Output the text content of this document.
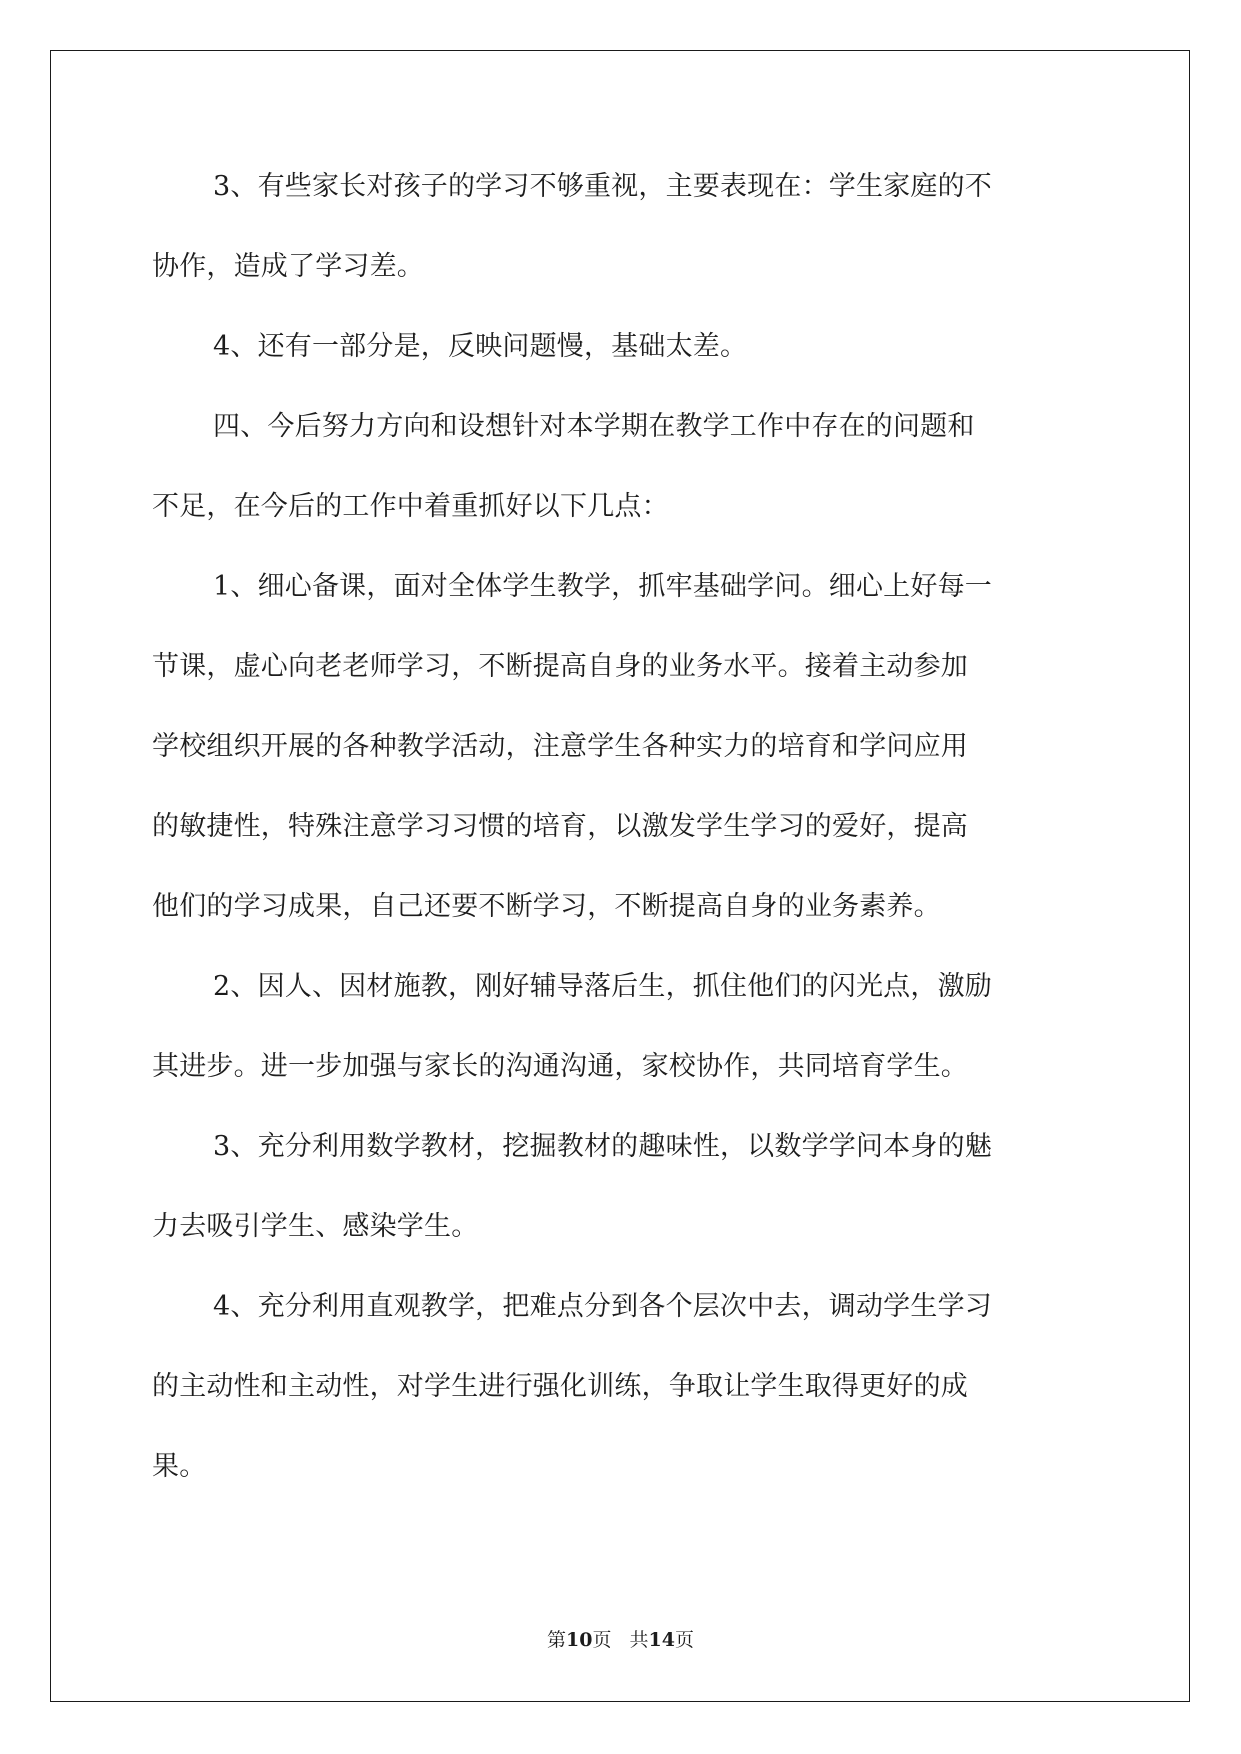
3、有些家长对孩子的学习不够重视，主要表现在：学生家庭的不
协作，造成了学习差。
4、还有一部分是，反映问题慢，基础太差。
四、今后努力方向和设想针对本学期在教学工作中存在的问题和
不足，在今后的工作中着重抓好以下几点：
1、细心备课，面对全体学生教学，抓牢基础学问。细心上好每一
节课，虚心向老老师学习，不断提高自身的业务水平。接着主动参加
学校组织开展的各种教学活动，注意学生各种实力的培育和学问应用
的敏捷性，特殊注意学习习惯的培育，以激发学生学习的爱好，提高
他们的学习成果，自己还要不断学习，不断提高自身的业务素养。
2、因人、因材施教，刚好辅导落后生，抓住他们的闪光点，激励
其进步。进一步加强与家长的沟通沟通，家校协作，共同培育学生。
3、充分利用数学教材，挖掘教材的趣味性，以数学学问本身的魅
力去吸引学生、感染学生。
4、充分利用直观教学，把难点分到各个层次中去，调动学生学习
的主动性和主动性，对学生进行强化训练，争取让学生取得更好的成
果。
第10页 共14页
